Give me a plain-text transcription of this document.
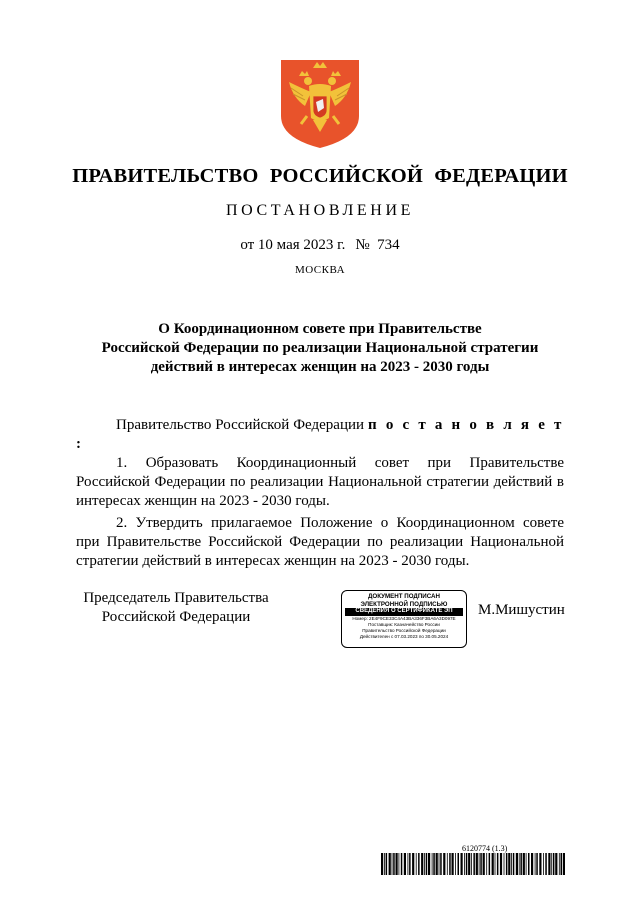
ПРАВИТЕЛЬСТВО РОССИЙСКОЙ ФЕДЕРАЦИИ
ПОСТАНОВЛЕНИЕ
от 10 мая 2023 г. № 734
МОСКВА
О Координационном совете при Правительстве
Российской Федерации по реализации Национальной стратегии
действий в интересах женщин на 2023 - 2030 годы

Правительство Российской Федерации п о с т а н о в л я е т :

1. Образовать Координационный совет при Правительстве Российской Федерации по реализации Национальной стратегии действий в интересах женщин на 2023 - 2030 годы.

2. Утвердить прилагаемое Положение о Координационном совете при Правительстве Российской Федерации по реализации Национальной стратегии действий в интересах женщин на 2023 - 2030 годы.

Председатель Правительства
Российской Федерации
ДОКУМЕНТ ПОДПИСАН
ЭЛЕКТРОННОЙ ПОДПИСЬЮ
СВЕДЕНИЯ О СЕРТИФИКАТЕ ЭП
Номер: 2E4F9CE33C4A43BA336F3BA6A3D097E
Поставщик: Казначейство России
Правительство Российской Федерации
Действителен с 07.03.2023 по 30.05.2024
М.Мишустин
6120774 (1.3)
